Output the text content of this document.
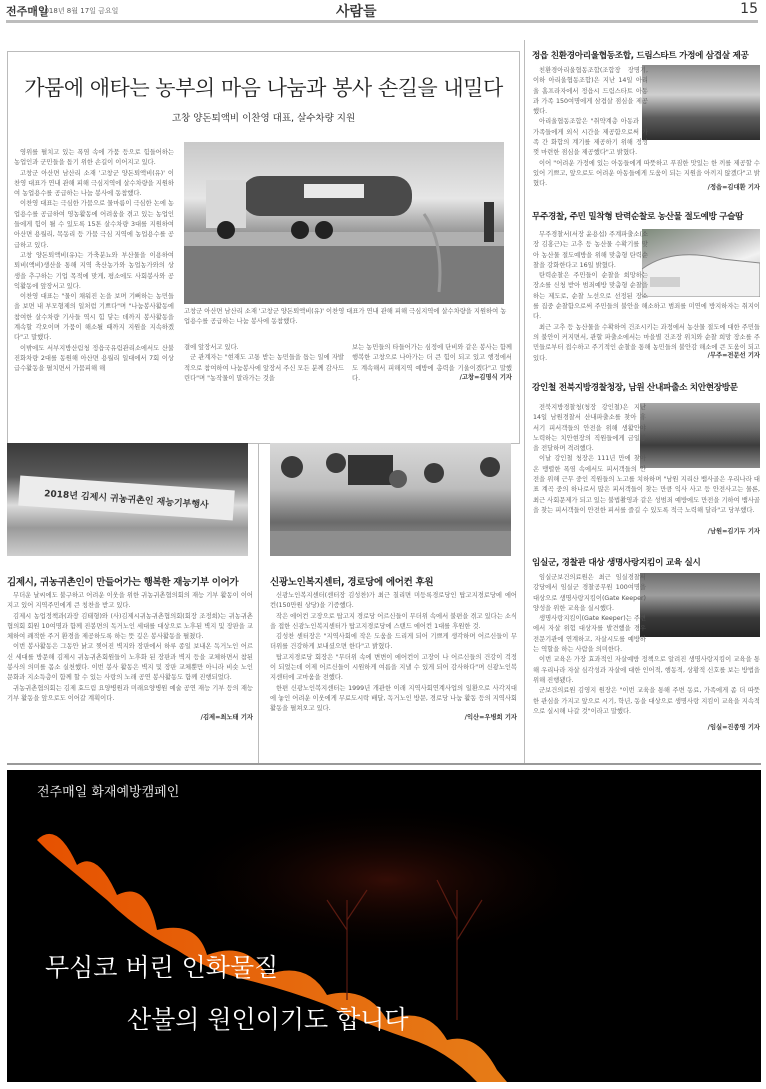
전주매일
2018년 8월 17일 금요일	사람들	15
가뭄에 애타는 농부의 마음 나눔과 봉사 손길을 내밀다
고창 양돈퇴액비 이찬영 대표, 살수차량 지원

영위를 펼치고 있는 폭염 속에 가뭄 등으로 힘들어하는 농업인과 군민들을 돕기 위한 손길이 이어지고 있다.

고창군 아산면 남산리 소재 '고창군 양돈퇴액비(유)' 이찬영 대표가 연내 관해 피해 극심지역에 살수차량을 지원하여 농업용수를 공급하는 나눔 봉사에 동참했다.

이찬영 대표는 극심한 가뭄으로 물마름이 극심한 논에 농업용수를 공급하여 영농활동에 어려움을 겪고 있는 농업인들에게 힘이 될 수 있도록 15톤 살수차량 3대를 지원하여 아산면 용월리, 목동리 등 가뭄 극심 지역에 농업용수를 공급하고 있다.

고창 양돈퇴액비(유)는 가축분뇨와 부산물을 이용하여 퇴비(액비)생산을 통해 지역 축산농가와 농업농가와의 상생을 추구하는 기업 목적에 맞게, 평소에도 사회봉사와 공익활동에 앞장서고 있다.

이찬영 대표는 "물이 채워진 논을 보며 기뻐하는 농민들을 보면 내 부모형제의 일처럼 기쁘다"며 "나눔봉사활동에 참여한 살수차량 기사들 역시 힘 닿는 데까지 봉사활동을 계속할 각오이며 가뭄이 해소될 때까지 지원을 지속하겠다"고 말했다.

이밖에도 서부지방산림청 정읍국유림관리소에서도 산불진화차량 2대를 동원해 아산면 용월리 일대에서 7회 이상 급수활동을 펼치면서 가뭄피해 해

고창군 아산면 남산리 소재 '고창군 양돈퇴액비(유)' 이찬영 대표가 연내 관해 피해 극심지역에 살수차량을 지원하여 농업용수를 공급하는 나눔 봉사에 동참했다.

결에 앞장서고 있다.

군 관계자는 "현재도 고통 받는 농민들을 돕는 일에 자발적으로 참여하여 나눔봉사에 앞장서 주신 모든 분께 감사드린다"며 "농작물이 말라가는 것을

보는 농민들의 타들어가는 심정에 단비와 같은 봉사는 함께 행복한 고창으로 나아가는 더 큰 힘이 되고 있고 행정에서도 계속해서 피해지역 예방에 총력을 기울이겠다"고 말했다.	/고창=김명식 기자
2018년 김제시 귀농귀촌인 재능기부행사
김제시, 귀농귀촌인이 만들어가는 행복한 재능기부 이어가

무더운 날씨에도 불구하고 어려운 이웃을 위한 귀농귀촌협의회의 재능 기부 활동이 이어지고 있어 지역주민에게 큰 칭찬을 받고 있다.

김제시 농업정책과(과장 김태형)와 (사)김제시귀농귀촌협의회(회장 조정희)는 귀농귀촌협의회 회원 10여명과 함께 진봉면의 독거노인 세대를 대상으로 노후된 벽지 및 장판을 교체하여 쾌적한 주거 환경을 제공하도록 하는 뜻 깊은 봉사활동을 펼쳤다.

이번 봉사활동은 그동안 낡고 찢어진 벽지와 장판에서 하루 종일 보내온 독거노인 어르신 세대를 방문해 김제시 귀농귀촌회원들이 노후화 된 장판과 벽지 등을 교체하면서 참된 봉사의 의미를 몸소 실천했다. 이번 봉사 활동은 벽지 및 장판 교체뿐만 아니라 비슷 노인 문화과 지소득층이 함께 할 수 있는 사랑의 노래 공연 봉사활동도 함께 진행되었다.

귀농귀촌협의회는 김제 효드림 요양병원과 미래요양병원 예술 공연 재능 기부 등의 재능 기부 활동을 앞으로도 이어갈 계획이다.

/김제=최노태 기자
신광노인복지센터, 경로당에 에어컨 후원

신광노인복지센터(센터장 김성찬)가 최근 칠리면 미등록경로당인 탑고지경로당에 에어컨(150만원 상당)을 기증했다.

작은 에어컨 고장으로 탑고지 경로당 어르신들이 무더위 속에서 불편을 겪고 있다는 소식을 접한 신광노인복지센터가 탑고지경로당에 스탠드 에어컨 1대를 후원한 것.

김성찬 센터장은 "지역사회에 작은 도움을 드리게 되어 기쁘게 생각하며 어르신들이 무더위를 건강하게 보내셨으면 한다"고 밝혔다.

탑고지경로당 회장은 "무더위 속에 변변이 에어컨이 고장이 나 어르신들의 건강이 걱정이 되었는데 이제 어르신들이 시원하게 여름을 지낼 수 있게 되어 감사하다"며 신광노인복지센터에 고마움을 전했다.

한편 신광노인복지센터는 1999년 개관한 이래 지역사회연계사업의 일환으로 사각지대에 놓인 어려운 이웃에게 무료도시락 배달, 독거노인 방문, 경로당 나눔 활동 등의 지역사회활동을 펼쳐오고 있다.

/익산=우병희 기자
정읍 친환경아리울협동조합, 드림스타트 가정에 삼겹살 제공

친환경아리울협동조합(조합장 장명기, 이하 아리울협동조합)은 지난 14일 아리울 홈프라자에서 정읍시 드림스타트 아동과 가족 150여명에게 삼겹살 점심을 제공했다.

아리울협동조합은 "취약계층 아동과 그 가족들에게 외식 시간을 제공함으로써 가족 간 화합의 계기를 제공하기 위해 정성껏 마련한 점심을 제공했다"고 밝혔다.

이어 "어려운 가정에 있는 아동들에게 따뜻하고 푸짐한 맛있는 한 끼를 제공할 수 있어 기쁘고, 앞으로도 어려운 아동들에게 도움이 되는 지원을 아끼지 않겠다"고 밝혔다.

/정읍=김대환 기자
무주경찰, 주민 밀착형 탄력순찰로 농산물 절도예방 구슬땀

무주경찰서(서장 윤용섭) 주계파출소(소장 김홍근)는 고추 등 농산물 수확기를 맞아 농산물 절도예방을 위해 맞춤형 탄력순찰을 강화한다고 16일 밝혔다.

탄력순찰은 주민들이 순찰을 희망하는 장소를 신청 받아 범죄예방 맞춤형 순찰을 하는 제도로, 순찰 노선으로 선정된 장소를 집중 순찰함으로써 주민들의 불안을 해소하고 범죄를 미연에 방지하자는 취지이다.

최근 고추 등 농산물을 수확하여 건조시키는 과정에서 농산물 절도에 대한 주민들의 불안이 커지면서, 관할 파출소에서는 마을별 건조장 위치와 순찰 희망 장소를 주민들로부터 접수하고 주기적인 순찰을 통해 농민들의 불안감 해소에 큰 도움이 되고 있다.	/무주=전문선 기자
강인철 전북지방경찰청장, 남원 산내파출소 치안현장방문

전북지방경찰청(청장 강인철)은 지난 14일 남원경찰서 산내파출소를 찾아 휴서기 피서객들의 안전을 위해 생활안야 노력하는 치안현장의 직원들에게 금일봉을 전달하며 격려했다.

이날 강인철 청장은 111년 만에 찾아온 맹렬한 폭염 속에서도 피서객들의 안전을 위해 근무 중인 직원들의 노고를 치하하며 "남원 지리산 뱀사골은 우리나라 대표 계곡 중의 하나로서 많은 피서객들이 찾는 만큼 익사 사고 등 안전사고는 물론, 최근 사회문제가 되고 있는 불법촬영과 같은 성범죄 예방에도 만전을 기하여 뱀사골을 찾는 피서객들이 안전한 피서를 즐길 수 있도록 적극 노력해 달라"고 당부했다.

/남원=김기두 기자
임실군, 경찰관 대상 생명사랑지킴이 교육 실시

임실군보건의료원은 최근 임실경찰서 강당에서 임실군 경찰공무원 100여명을 대상으로 생명사랑지킴이(Gate Keeper) 양성을 위한 교육을 실시했다.

생명사랑지킴이(Gate Keeper)는 주변에서 자살 위험 대상자를 발견했을 경우 전문기관에 연계하고, 자살시도를 예방하는 역할을 하는 사람을 의미한다.

이번 교육은 가장 효과적인 자살예방 정책으로 알려진 생명사랑지킴이 교육을 통해 우리나라 자살 심각성과 자살에 대한 인어적, 행동적, 상황적 신호를 보는 방법을 위해 진행됐다.

군보건의료원 김영지 원장은 "이번 교육을 통해 주변 동료, 가족에게 좀 더 따뜻한 관심을 가지고 앞으로 시기, 학년, 동을 대상으로 생명사랑 지킴이 교육을 지속적으로 실시해 나갈 것"이라고 말했다.

/임실=진종영 기자
전주매일 화재예방캠페인
무심코 버린 인화물질
산불의 원인이기도 합니다
